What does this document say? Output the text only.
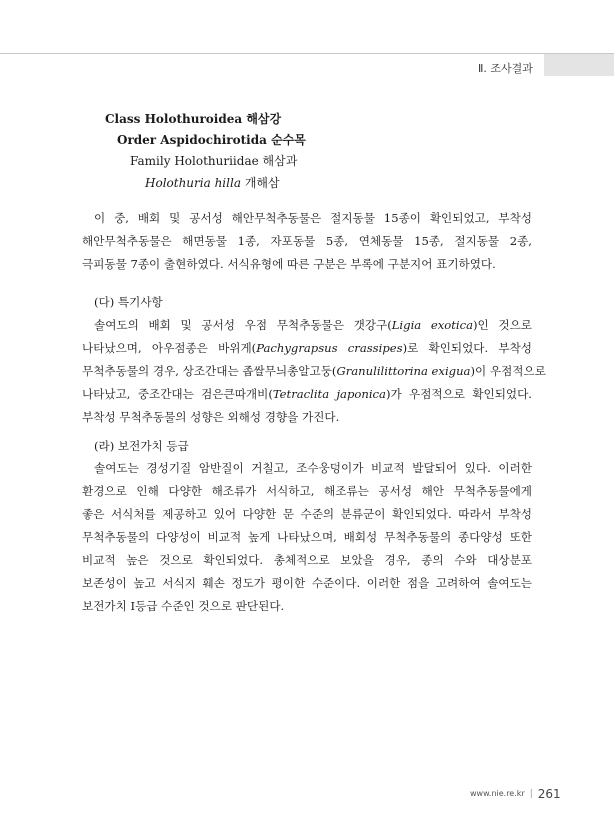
Ⅱ. 조사결과
Class Holothuroidea 해삼강
Order Aspidochirotida 순수목
Family Holothuriidae 해삼과
Holothuria hilla 개해삼
이 중, 배회 및 공서성 해안무척추동물은 절지동물 15종이 확인되었고, 부착성
해안무척추동물은 해면동물 1종, 자포동물 5종, 연체동물 15종, 절지동물 2종,
극피동물 7종이 출현하였다. 서식유형에 따른 구분은 부록에 구분지어 표기하였다.
(다) 특기사항
솔여도의 배회 및 공서성 우점 무척추동물은 갯강구(Ligia exotica)인 것으로
나타났으며, 아우점종은 바위게(Pachygrapsus crassipes)로 확인되었다. 부착성
무척추동물의 경우, 상조간대는 좁쌀무늬총알고둥(Granulilittorina exigua)이 우점적으로
나타났고, 중조간대는 검은큰따개비(Tetraclita japonica)가 우점적으로 확인되었다.
부착성 무척추동물의 성향은 외해성 경향을 가진다.
(라) 보전가치 등급
솔여도는 경성기질 암반질이 거칠고, 조수웅덩이가 비교적 발달되어 있다. 이러한
환경으로 인해 다양한 해조류가 서식하고, 해조류는 공서성 해안 무척추동물에게
좋은 서식처를 제공하고 있어 다양한 문 수준의 분류군이 확인되었다. 따라서 부착성
무척추동물의 다양성이 비교적 높게 나타났으며, 배회성 무척추동물의 종다양성 또한
비교적 높은 것으로 확인되었다. 총체적으로 보았을 경우, 종의 수와 대상분포
보존성이 높고 서식지 훼손 정도가 평이한 수준이다. 이러한 점을 고려하여 솔여도는
보전가치 Ⅰ등급 수준인 것으로 판단된다.
www.nie.re.kr | 261
